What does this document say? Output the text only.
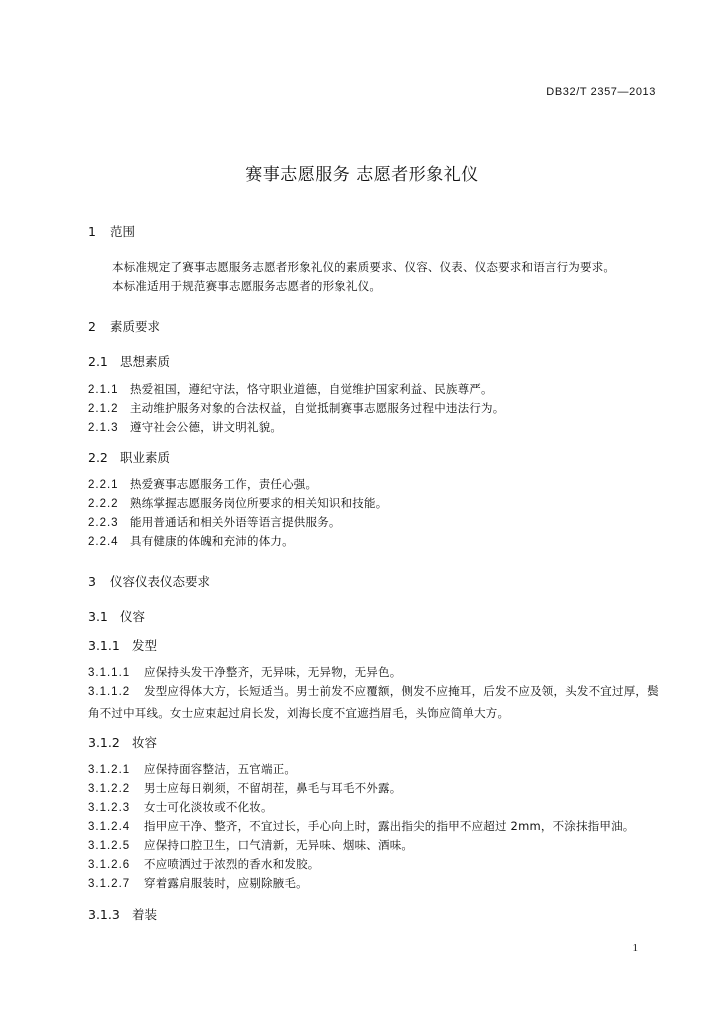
DB32/T 2357—2013
赛事志愿服务 志愿者形象礼仪
1 范围
本标准规定了赛事志愿服务志愿者形象礼仪的素质要求、仪容、仪表、仪态要求和语言行为要求。
本标准适用于规范赛事志愿服务志愿者的形象礼仪。
2 素质要求
2.1 思想素质
2.1.1 热爱祖国，遵纪守法，恪守职业道德，自觉维护国家利益、民族尊严。
2.1.2 主动维护服务对象的合法权益，自觉抵制赛事志愿服务过程中违法行为。
2.1.3 遵守社会公德，讲文明礼貌。
2.2 职业素质
2.2.1 热爱赛事志愿服务工作，责任心强。
2.2.2 熟练掌握志愿服务岗位所要求的相关知识和技能。
2.2.3 能用普通话和相关外语等语言提供服务。
2.2.4 具有健康的体魄和充沛的体力。
3 仪容仪表仪态要求
3.1 仪容
3.1.1 发型
3.1.1.1 应保持头发干净整齐，无异味，无异物，无异色。
3.1.1.2 发型应得体大方，长短适当。男士前发不应覆额，侧发不应掩耳，后发不应及领，头发不宜过厚，鬓角不过中耳线。女士应束起过肩长发，刘海长度不宜遮挡眉毛，头饰应简单大方。
3.1.2 妆容
3.1.2.1 应保持面容整洁，五官端正。
3.1.2.2 男士应每日剃须，不留胡茬，鼻毛与耳毛不外露。
3.1.2.3 女士可化淡妆或不化妆。
3.1.2.4 指甲应干净、整齐，不宜过长，手心向上时，露出指尖的指甲不应超过 2mm，不涂抹指甲油。
3.1.2.5 应保持口腔卫生，口气清新，无异味、烟味、酒味。
3.1.2.6 不应喷洒过于浓烈的香水和发胶。
3.1.2.7 穿着露肩服装时，应剔除腋毛。
3.1.3 着装
1
